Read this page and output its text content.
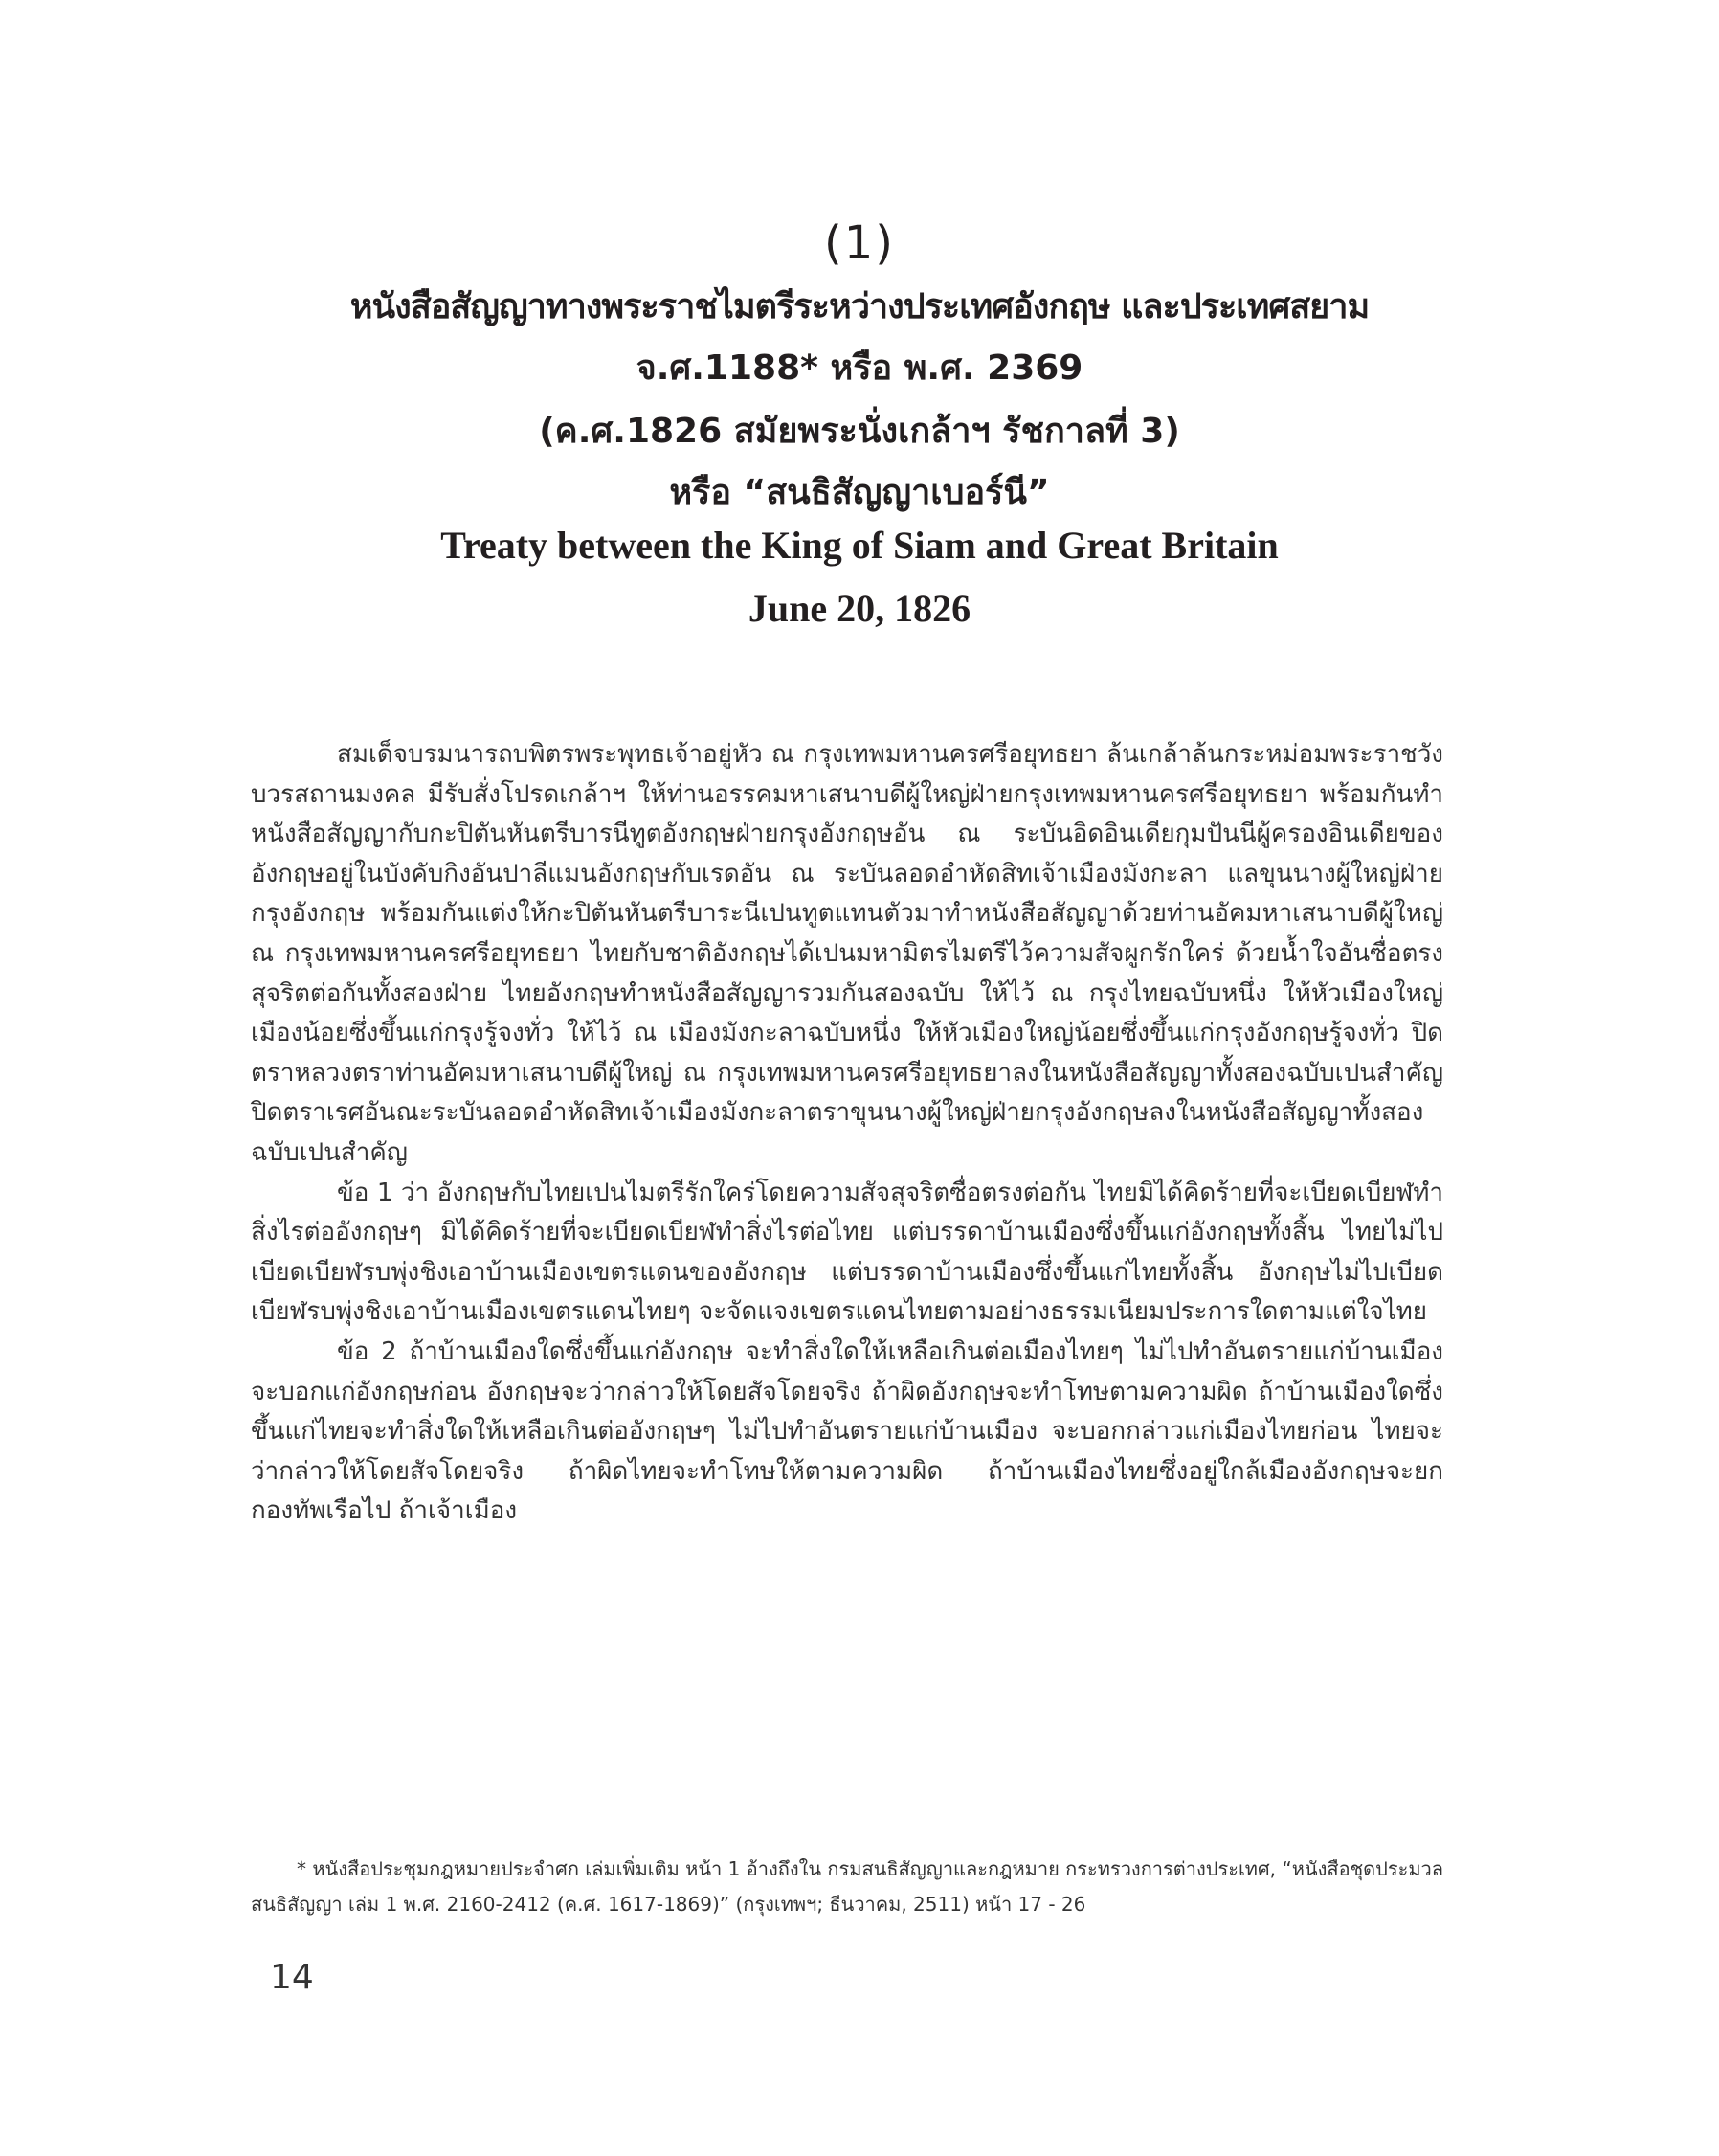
(1)
หนังสือสัญญาทางพระราชไมตรีระหว่างประเทศอังกฤษ และประเทศสยาม
จ.ศ.1188* หรือ พ.ศ. 2369
(ค.ศ.1826 สมัยพระนั่งเกล้าฯ รัชกาลที่ 3)
หรือ “สนธิสัญญาเบอร์นี”
Treaty between the King of Siam and Great Britain
June 20, 1826

สมเด็จบรมนารถบพิตรพระพุทธเจ้าอยู่หัว ณ กรุงเทพมหานครศรีอยุทธยา ล้นเกล้าล้นกระหม่อมพระราชวังบวรสถานมงคล มีรับสั่งโปรดเกล้าฯ ให้ท่านอรรคมหาเสนาบดีผู้ใหญ่ฝ่ายกรุงเทพมหานครศรีอยุทธยา พร้อมกันทำหนังสือสัญญากับกะปิตันหันตรีบารนีทูตอังกฤษฝ่ายกรุงอังกฤษอัน ณ ระบันอิดอินเดียกุมปันนีผู้ครองอินเดียของอังกฤษอยู่ในบังคับกิงอันปาลีแมนอังกฤษกับเรดอัน ณ ระบันลอดอำหัดสิทเจ้าเมืองมังกะลา แลขุนนางผู้ใหญ่ฝ่ายกรุงอังกฤษ พร้อมกันแต่งให้กะปิตันหันตรีบาระนีเปนทูตแทนตัวมาทำหนังสือสัญญาด้วยท่านอัคมหาเสนาบดีผู้ใหญ่ ณ กรุงเทพมหานครศรีอยุทธยา ไทยกับชาติอังกฤษได้เปนมหามิตรไมตรีไว้ความสัจผูกรักใคร่ ด้วยน้ำใจอันซื่อตรงสุจริตต่อกันทั้งสองฝ่าย ไทยอังกฤษทำหนังสือสัญญารวมกันสองฉบับ ให้ไว้ ณ กรุงไทยฉบับหนึ่ง ให้หัวเมืองใหญ่เมืองน้อยซึ่งขึ้นแก่กรุงรู้จงทั่ว ให้ไว้ ณ เมืองมังกะลาฉบับหนึ่ง ให้หัวเมืองใหญ่น้อยซึ่งขึ้นแก่กรุงอังกฤษรู้จงทั่ว ปิดตราหลวงตราท่านอัคมหาเสนาบดีผู้ใหญ่ ณ กรุงเทพมหานครศรีอยุทธยาลงในหนังสือสัญญาทั้งสองฉบับเปนสำคัญ ปิดตราเรศอันณะระบันลอดอำหัดสิทเจ้าเมืองมังกะลาตราขุนนางผู้ใหญ่ฝ่ายกรุงอังกฤษลงในหนังสือสัญญาทั้งสองฉบับเปนสำคัญ

ข้อ 1 ว่า อังกฤษกับไทยเปนไมตรีรักใคร่โดยความสัจสุจริตซื่อตรงต่อกัน ไทยมิได้คิดร้ายที่จะเบียดเบียฬทำสิ่งไรต่ออังกฤษๆ มิได้คิดร้ายที่จะเบียดเบียฬทำสิ่งไรต่อไทย แต่บรรดาบ้านเมืองซึ่งขึ้นแก่อังกฤษทั้งสิ้น ไทยไม่ไปเบียดเบียฬรบพุ่งชิงเอาบ้านเมืองเขตรแดนของอังกฤษ แต่บรรดาบ้านเมืองซึ่งขึ้นแก่ไทยทั้งสิ้น อังกฤษไม่ไปเบียดเบียฬรบพุ่งชิงเอาบ้านเมืองเขตรแดนไทยๆ จะจัดแจงเขตรแดนไทยตามอย่างธรรมเนียมประการใดตามแต่ใจไทย

ข้อ 2 ถ้าบ้านเมืองใดซึ่งขึ้นแก่อังกฤษ จะทำสิ่งใดให้เหลือเกินต่อเมืองไทยๆ ไม่ไปทำอันตรายแก่บ้านเมือง จะบอกแก่อังกฤษก่อน อังกฤษจะว่ากล่าวให้โดยสัจโดยจริง ถ้าผิดอังกฤษจะทำโทษตามความผิด ถ้าบ้านเมืองใดซึ่งขึ้นแก่ไทยจะทำสิ่งใดให้เหลือเกินต่ออังกฤษๆ ไม่ไปทำอันตรายแก่บ้านเมือง จะบอกกล่าวแก่เมืองไทยก่อน ไทยจะว่ากล่าวให้โดยสัจโดยจริง ถ้าผิดไทยจะทำโทษให้ตามความผิด ถ้าบ้านเมืองไทยซึ่งอยู่ใกล้เมืองอังกฤษจะยกกองทัพเรือไป ถ้าเจ้าเมือง

* หนังสือประชุมกฎหมายประจำศก เล่มเพิ่มเติม หน้า 1 อ้างถึงใน กรมสนธิสัญญาและกฎหมาย กระทรวงการต่างประเทศ, “หนังสือชุดประมวลสนธิสัญญา เล่ม 1 พ.ศ. 2160-2412 (ค.ศ. 1617-1869)” (กรุงเทพฯ; ธีนวาคม, 2511) หน้า 17 - 26

14
